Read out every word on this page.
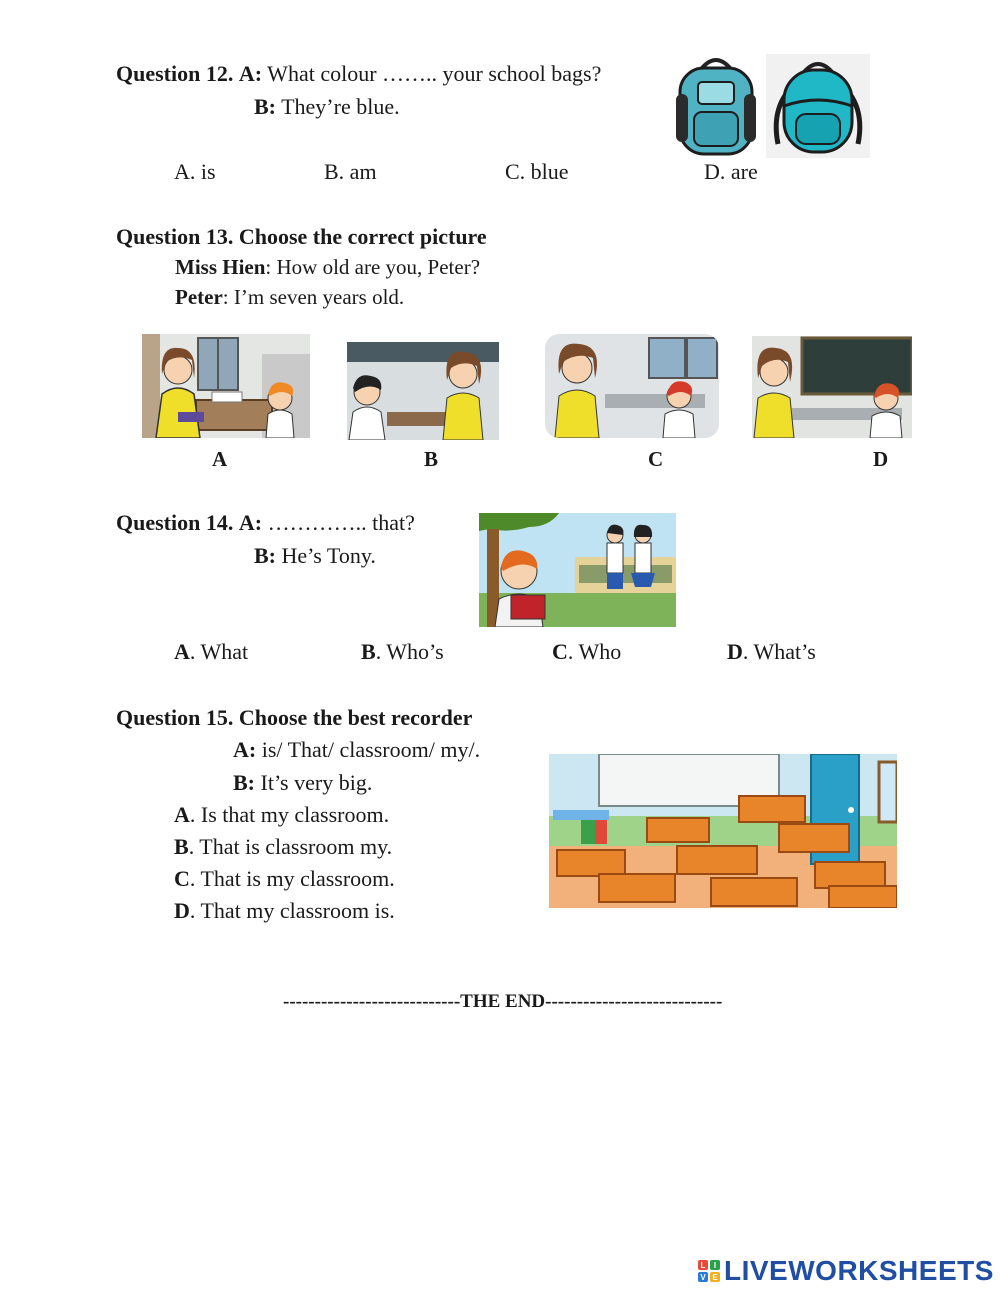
Question 12. A: What colour …….. your school bags?
B: They’re blue.
A. is	B. am	C. blue	D. are
Question 13. Choose the correct picture
Miss Hien: How old are you, Peter?
Peter: I’m seven years old.
A	B	C	D
Question 14. A: ………….. that?
B: He’s Tony.
A. What	B. Who’s	C. Who	D. What’s
Question 15. Choose the best recorder
A: is/ That/ classroom/ my/.
B: It’s very big.
A. Is that my classroom.
B. That is classroom my.
C. That is my classroom.
D. That my classroom is.
----------------------------THE END----------------------------
L	I
V E LIVEWORKSHEETS
